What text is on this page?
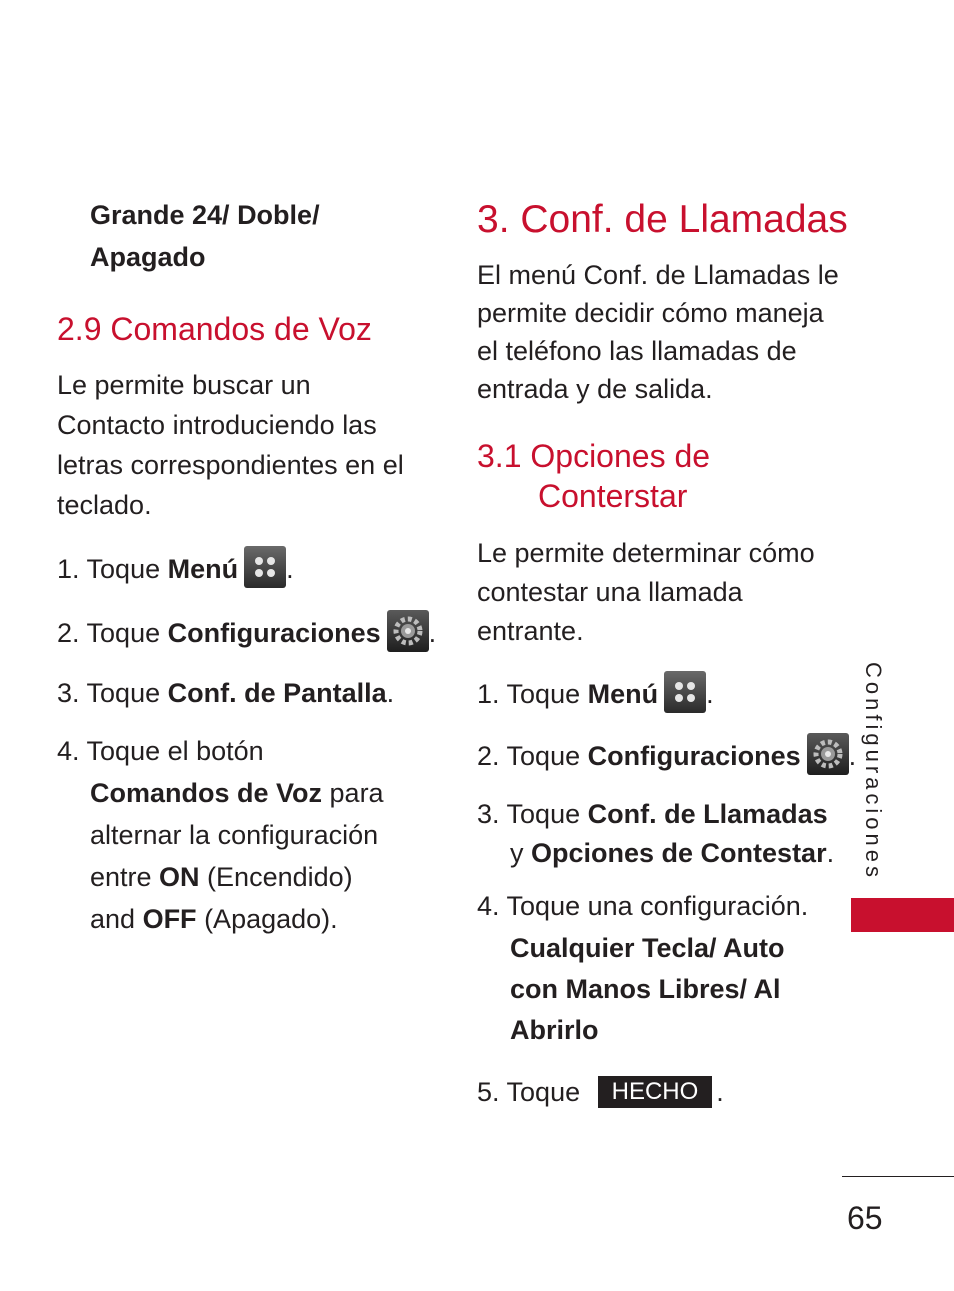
Grande 24/ Doble/
Apagado
2.9 Comandos de Voz
Le permite buscar un
Contacto introduciendo las
letras correspondientes en el
teclado.
1. Toque Menú .
2. Toque Configuraciones .
3. Toque Conf. de Pantalla.
4. Toque el botón
Comandos de Voz para
alternar la configuración
entre ON (Encendido)
and OFF (Apagado).
3. Conf. de Llamadas
El menú Conf. de Llamadas le
permite decidir cómo maneja
el teléfono las llamadas de
entrada y de salida.
3.1 Opciones de
Conterstar
Le permite determinar cómo
contestar una llamada
entrante.
1. Toque Menú .
2. Toque Configuraciones .
3. Toque Conf. de Llamadas
y Opciones de Contestar.
4. Toque una configuración.
Cualquier Tecla/ Auto
con Manos Libres/ Al
Abrirlo
5. Toque HECHO .
Configuraciones
65
